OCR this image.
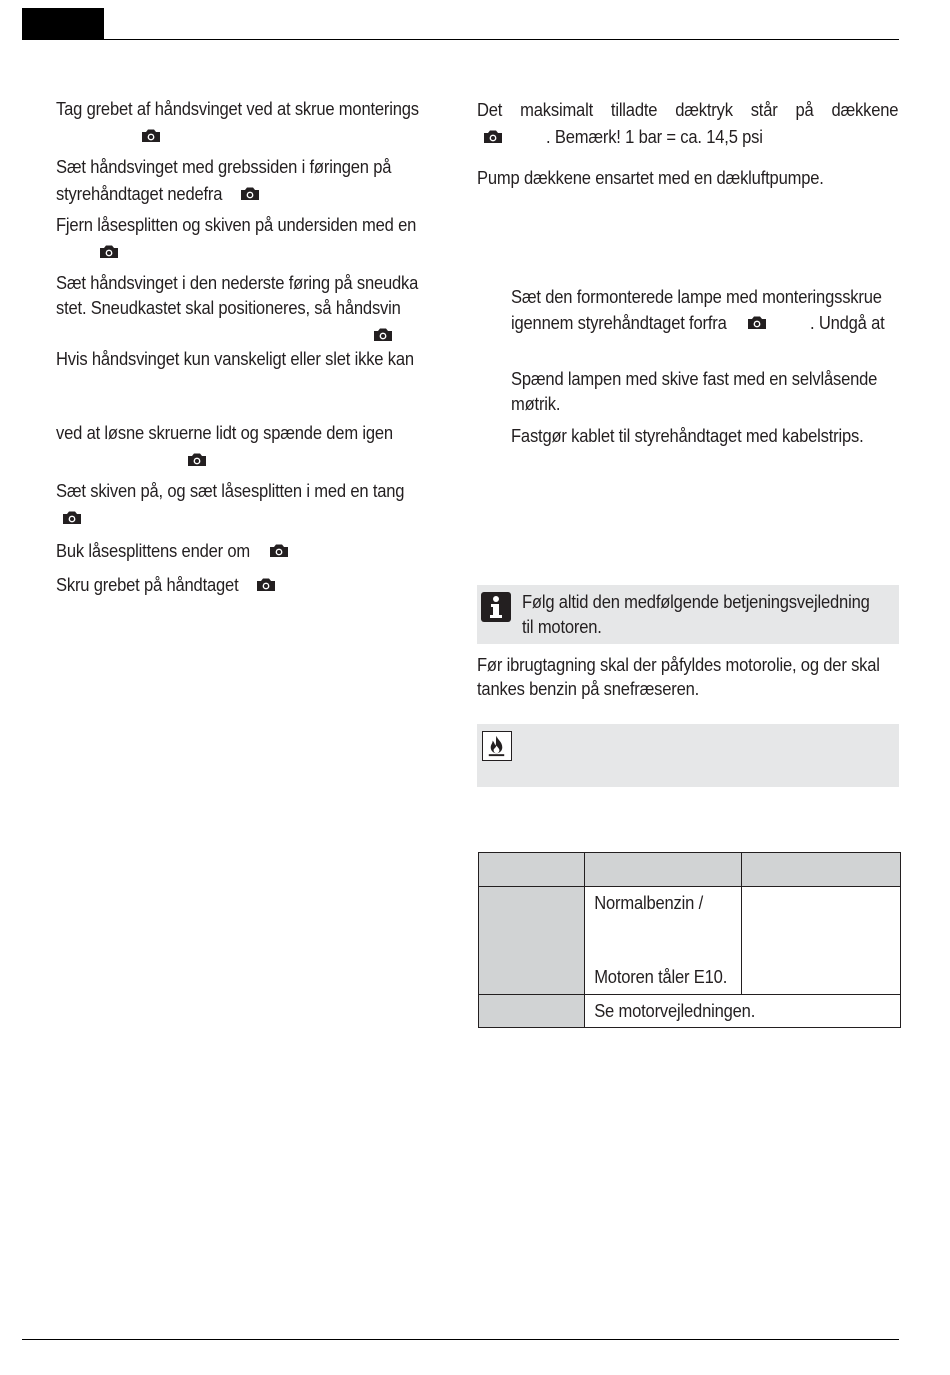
Tag grebet af håndsvinget ved at skrue monterings

Sæt håndsvinget med grebssiden i føringen på

styrehåndtaget nedefra

Fjern låsesplitten og skiven på undersiden med en

Sæt håndsvinget i den nederste føring på sneudka

stet. Sneudkastet skal positioneres, så håndsvin

Hvis håndsvinget kun vanskeligt eller slet ikke kan

ved at løsne skruerne lidt og spænde dem igen

Sæt skiven på, og sæt låsesplitten i med en tang

Buk låsesplittens ender om

Skru grebet på håndtaget

Det maksimalt tilladte dæktryk står på dækkene

. Bemærk! 1 bar = ca. 14,5 psi

Pump dækkene ensartet med en dækluftpumpe.

Sæt den formonterede lampe med monteringsskrue

igennem styrehåndtaget forfra	. Undgå at

Spænd lampen med skive fast med en selvlåsende

møtrik.

Fastgør kablet til styrehåndtaget med kabelstrips.

Følg altid den medfølgende betjeningsvejledning

til motoren.

Før ibrugtagning skal der påfyldes motorolie, og der skal

tankes benzin på snefræseren.

	Normalbenzin /
Motoren tåler E10.	

	Se motorvejledningen.	
